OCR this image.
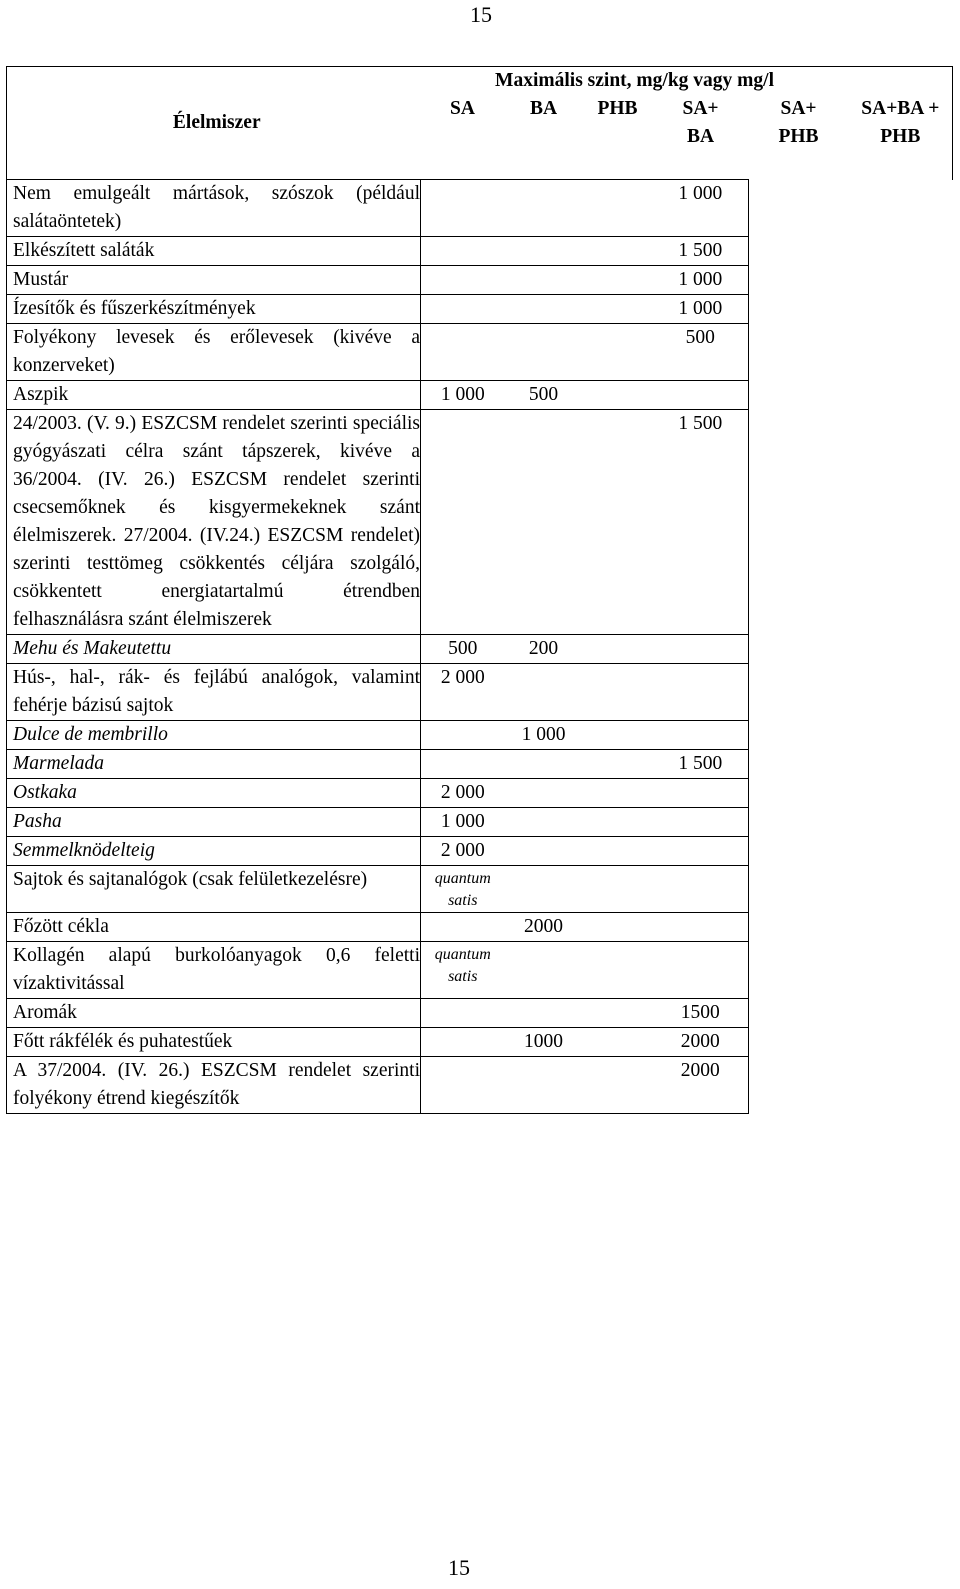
15
Élelmiszer	Maximális szint, mg/kg vagy mg/l					
	SA	BA	PHB	SA+ BA	SA+ PHB	SA+BA + PHB

Nem emulgeált mártások, szószok (például salátaöntetek)				1 000		
Elkészített saláták				1 500		
Mustár				1 000		
Ízesítők és fűszerkészítmények				1 000		
Folyékony levesek és erőlevesek (kivéve a konzerveket)				500		
Aszpik	1 000	500				
24/2003. (V. 9.) ESZCSM rendelet szerinti speciális gyógyászati célra szánt tápszerek, kivéve a 36/2004. (IV. 26.) ESZCSM rendelet szerinti csecsemőknek és kisgyermekeknek szánt élelmiszerek. 27/2004. (IV.24.) ESZCSM rendelet) szerinti testtömeg csökkentés céljára szolgáló, csökkentett energiatartalmú étrendben felhasználásra szánt élelmiszerek				1 500		
Mehu és Makeutettu	500	200				
Hús-, hal-, rák- és fejlábú analógok, valamint fehérje bázisú sajtok	2 000					
Dulce de membrillo		1 000				
Marmelada				1 500		
Ostkaka	2 000					
Pasha	1 000					
Semmelknödelteig	2 000					
Sajtok és sajtanalógok (csak felületkezelésre)	quantum satis					

Főzött cékla		2000				
Kollagén alapú burkolóanyagok 0,6 feletti vízaktivitással	quantum satis					

Aromák				1500		
Főtt rákfélék és puhatestűek		1000		2000		
A 37/2004. (IV. 26.) ESZCSM rendelet szerinti folyékony étrend kiegészítők				2000		
15
